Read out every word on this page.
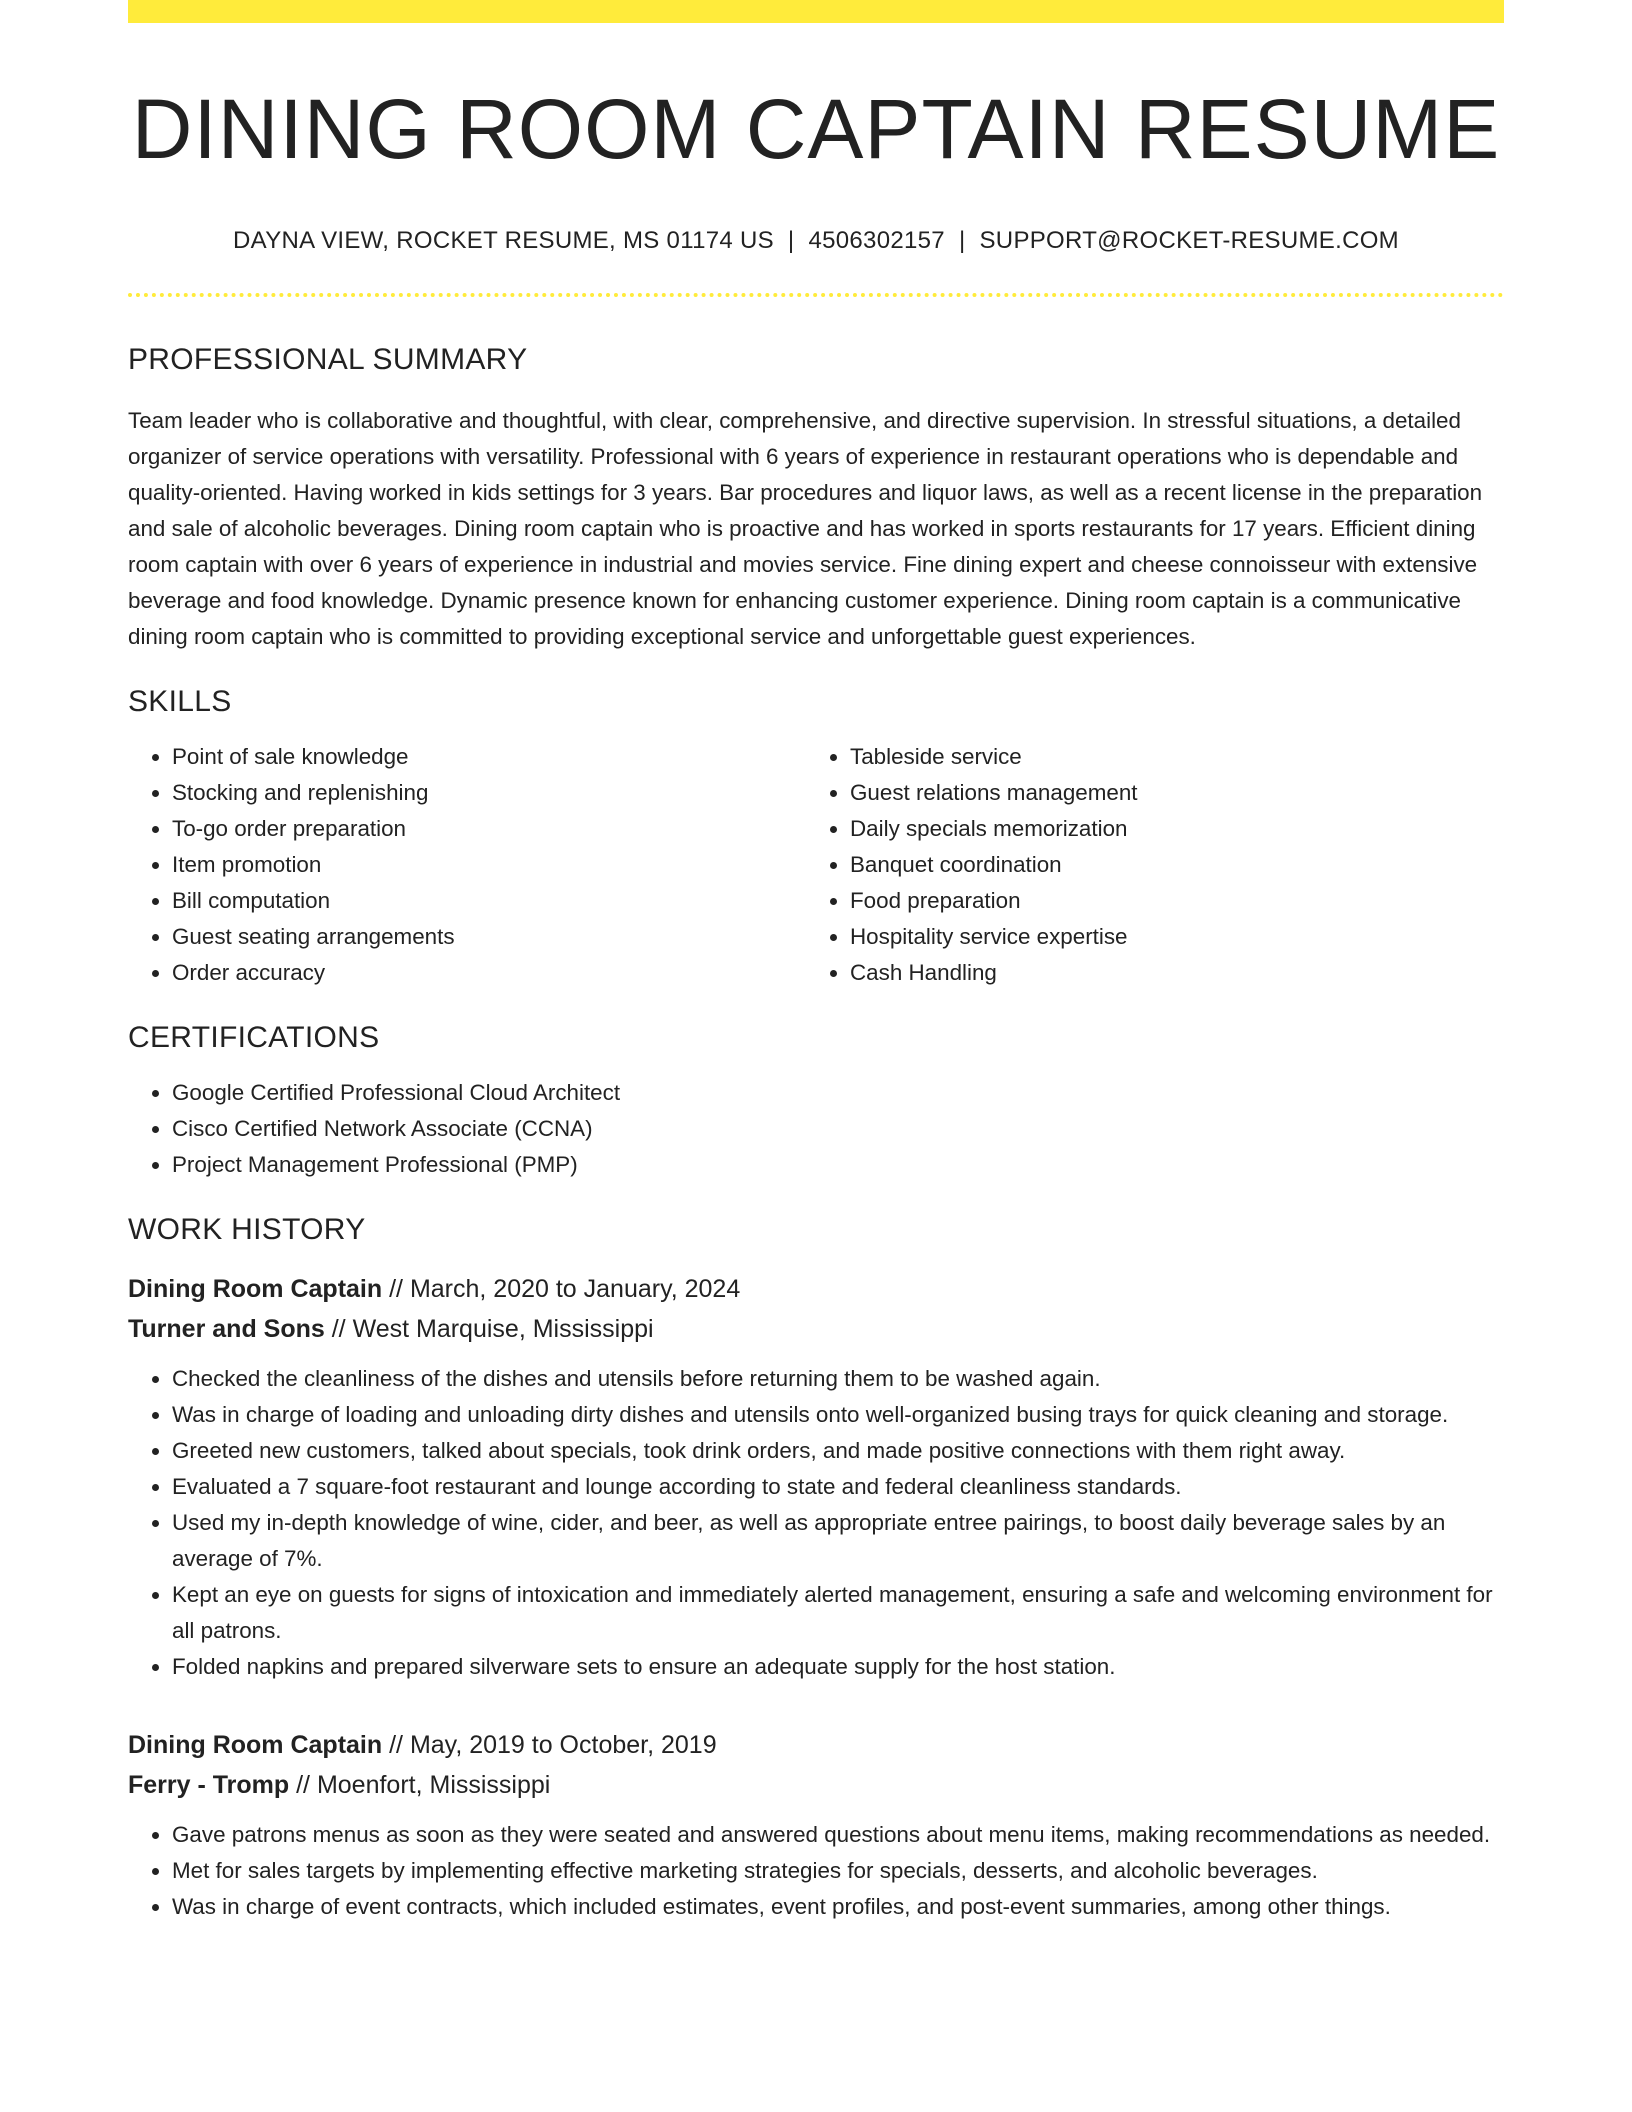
DINING ROOM CAPTAIN RESUME
DAYNA VIEW, ROCKET RESUME, MS 01174 US | 4506302157 | SUPPORT@ROCKET-RESUME.COM
PROFESSIONAL SUMMARY

Team leader who is collaborative and thoughtful, with clear, comprehensive, and directive supervision. In stressful situations, a detailed organizer of service operations with versatility. Professional with 6 years of experience in restaurant operations who is dependable and quality-oriented. Having worked in kids settings for 3 years. Bar procedures and liquor laws, as well as a recent license in the preparation and sale of alcoholic beverages. Dining room captain who is proactive and has worked in sports restaurants for 17 years. Efficient dining room captain with over 6 years of experience in industrial and movies service. Fine dining expert and cheese connoisseur with extensive beverage and food knowledge. Dynamic presence known for enhancing customer experience. Dining room captain is a communicative dining room captain who is committed to providing exceptional service and unforgettable guest experiences.

SKILLS
• Point of sale knowledge
• Stocking and replenishing
• To-go order preparation
• Item promotion
• Bill computation
• Guest seating arrangements
• Order accuracy
• Tableside service
• Guest relations management
• Daily specials memorization
• Banquet coordination
• Food preparation
• Hospitality service expertise
• Cash Handling
CERTIFICATIONS
• Google Certified Professional Cloud Architect
• Cisco Certified Network Associate (CCNA)
• Project Management Professional (PMP)
WORK HISTORY
Dining Room Captain // March, 2020 to January, 2024
Turner and Sons // West Marquise, Mississippi
• Checked the cleanliness of the dishes and utensils before returning them to be washed again.
• Was in charge of loading and unloading dirty dishes and utensils onto well-organized busing trays for quick cleaning and storage.
• Greeted new customers, talked about specials, took drink orders, and made positive connections with them right away.
• Evaluated a 7 square-foot restaurant and lounge according to state and federal cleanliness standards.
• Used my in-depth knowledge of wine, cider, and beer, as well as appropriate entree pairings, to boost daily beverage sales by an average of 7%.
• Kept an eye on guests for signs of intoxication and immediately alerted management, ensuring a safe and welcoming environment for all patrons.
• Folded napkins and prepared silverware sets to ensure an adequate supply for the host station.
Dining Room Captain // May, 2019 to October, 2019
Ferry - Tromp // Moenfort, Mississippi
• Gave patrons menus as soon as they were seated and answered questions about menu items, making recommendations as needed.
• Met for sales targets by implementing effective marketing strategies for specials, desserts, and alcoholic beverages.
• Was in charge of event contracts, which included estimates, event profiles, and post-event summaries, among other things.
